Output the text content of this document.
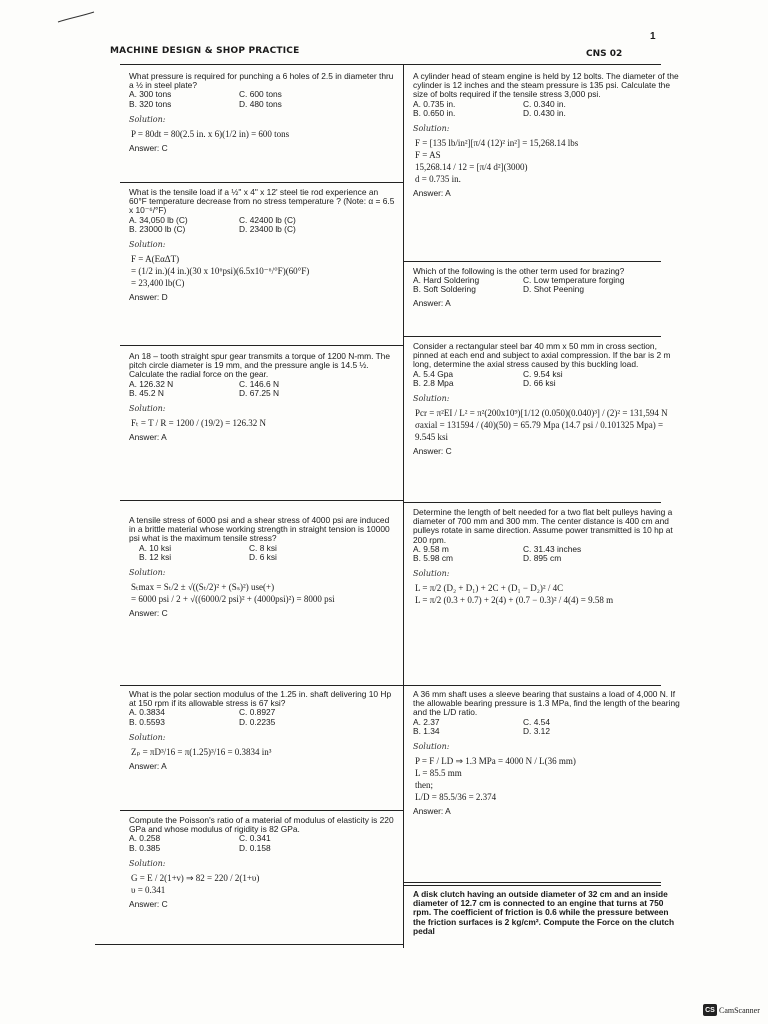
1
MACHINE DESIGN & SHOP PRACTICE	CNS 02
What pressure is required for punching a 6 holes of 2.5 in diameter thru a ½ in steel plate?
A. 300 tons	C. 600 tons
B. 320 tons	D. 480 tons
Solution:
P = 80dt = 80(2.5 in. x 6)(1/2 in) = 600 tons
Answer: C
What is the tensile load if a ½" x 4" x 12' steel tie rod experience an 60°F temperature decrease from no stress temperature ? (Note: α = 6.5 x 10⁻⁶/°F)
A. 34,050 lb (C)	C. 42400 lb (C)
B. 23000 lb (C)	D. 23400 lb (C)
Solution:
F = A(EαΔT)
= (1/2 in.)(4 in.)(30 x 10⁶psi)(6.5x10⁻⁶/°F)(60°F)
= 23,400 lb(C)
Answer: D
An 18 – tooth straight spur gear transmits a torque of 1200 N-mm. The pitch circle diameter is 19 mm, and the pressure angle is 14.5 ½. Calculate the radial force on the gear.
A. 126.32 N	C. 146.6 N
B. 45.2 N	D. 67.25 N
Solution:
Fₜ = T / R = 1200 / (19/2) = 126.32 N
Answer: A
A tensile stress of 6000 psi and a shear stress of 4000 psi are induced in a brittle material whose working strength in straight tension is 10000 psi what is the maximum tensile stress?
A. 10 ksi	C. 8 ksi
B. 12 ksi	D. 6 ksi
Solution:
Sₜmax = Sₜ/2 ± √((Sₜ/2)² + (Sₛ)²) use(+)
= 6000 psi / 2 + √((6000/2 psi)² + (4000psi)²) = 8000 psi
Answer: C
What is the polar section modulus of the 1.25 in. shaft delivering 10 Hp at 150 rpm if its allowable stress is 67 ksi?
A. 0.3834	C. 0.8927
B. 0.5593	D. 0.2235
Solution:
Zₚ = πD³/16 = π(1.25)³/16 = 0.3834 in³
Answer: A
Compute the Poisson's ratio of a material of modulus of elasticity is 220 GPa and whose modulus of rigidity is 82 GPa.
A. 0.258	C. 0.341
B. 0.385	D. 0.158
Solution:
G = E / 2(1+ν) ⇒ 82 = 220 / 2(1+υ)
υ = 0.341
Answer: C
A cylinder head of steam engine is held by 12 bolts. The diameter of the cylinder is 12 inches and the steam pressure is 135 psi. Calculate the size of bolts required if the tensile stress 3,000 psi.
A. 0.735 in.	C. 0.340 in.
B. 0.650 in.	D. 0.430 in.
Solution:
F = [135 lb/in²][π/4 (12)² in²] = 15,268.14 lbs
F = AS
15,268.14 / 12 = [π/4 d²](3000)
d = 0.735 in.
Answer: A
Which of the following is the other term used for brazing?
A. Hard Soldering	C. Low temperature forging
B. Soft Soldering	D. Shot Peening
Answer: A
Consider a rectangular steel bar 40 mm x 50 mm in cross section, pinned at each end and subject to axial compression. If the bar is 2 m long, determine the axial stress caused by this buckling load.
A. 5.4 Gpa	C. 9.54 ksi
B. 2.8 Mpa	D. 66 ksi
Solution:
Pcr = π²EI / L² = π²(200x10⁹)[1/12 (0.050)(0.040)³] / (2)² = 131,594 N
σaxial = 131594 / (40)(50) = 65.79 Mpa (14.7 psi / 0.101325 Mpa) = 9.545 ksi
Answer: C
Determine the length of belt needed for a two flat belt pulleys having a diameter of 700 mm and 300 mm. The center distance is 400 cm and pulleys rotate in same direction. Assume power transmitted is 10 hp at 200 rpm.
A. 9.58 m	C. 31.43 inches
B. 5.98 cm	D. 895 cm
Solution:
L = π/2 (D₂ + D₁) + 2C + (D₁ − D₂)² / 4C
L = π/2 (0.3 + 0.7) + 2(4) + (0.7 − 0.3)² / 4(4) = 9.58 m
A 36 mm shaft uses a sleeve bearing that sustains a load of 4,000 N. If the allowable bearing pressure is 1.3 MPa, find the length of the bearing and the L/D ratio.
A. 2.37	C. 4.54
B. 1.34	D. 3.12
Solution:
P = F / LD ⇒ 1.3 MPa = 4000 N / L(36 mm)
L = 85.5 mm
then;
L/D = 85.5/36 = 2.374
Answer: A
A disk clutch having an outside diameter of 32 cm and an inside diameter of 12.7 cm is connected to an engine that turns at 750 rpm. The coefficient of friction is 0.6 while the pressure between the friction surfaces is 2 kg/cm². Compute the Force on the clutch pedal
CS CamScanner
